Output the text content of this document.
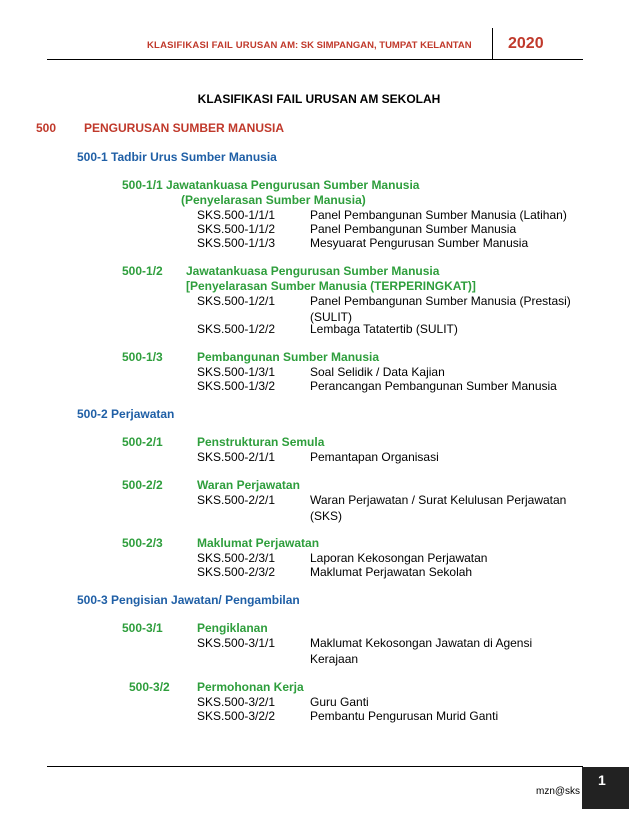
KLASIFIKASI FAIL URUSAN AM : SK SIMPANGAN, TUMPAT KELANTAN 2020
KLASIFIKASI FAIL URUSAN AM SEKOLAH
500 PENGURUSAN SUMBER MANUSIA
500-1 Tadbir Urus Sumber Manusia
500-1/1 Jawatankuasa Pengurusan Sumber Manusia
(Penyelarasan Sumber Manusia)
SKS.500-1/1/1	Panel Pembangunan Sumber Manusia (Latihan)
SKS.500-1/1/2	Panel Pembangunan Sumber Manusia
SKS.500-1/1/3	Mesyuarat Pengurusan Sumber Manusia
500-1/2 Jawatankuasa Pengurusan Sumber Manusia
[Penyelarasan Sumber Manusia (TERPERINGKAT)]
SKS.500-1/2/1	Panel Pembangunan Sumber Manusia (Prestasi) (SULIT)
SKS.500-1/2/2	Lembaga Tatatertib (SULIT)
500-1/3	Pembangunan Sumber Manusia
SKS.500-1/3/1	Soal Selidik / Data Kajian
SKS.500-1/3/2	Perancangan Pembangunan Sumber Manusia
500-2 Perjawatan
500-2/1	Penstrukturan Semula
SKS.500-2/1/1	Pemantapan Organisasi
500-2/2	Waran Perjawatan
SKS.500-2/2/1	Waran Perjawatan / Surat Kelulusan Perjawatan (SKS)
500-2/3	Maklumat Perjawatan
SKS.500-2/3/1	Laporan Kekosongan Perjawatan
SKS.500-2/3/2	Maklumat Perjawatan Sekolah
500-3 Pengisian Jawatan/ Pengambilan
500-3/1	Pengiklanan
SKS.500-3/1/1	Maklumat Kekosongan Jawatan di Agensi Kerajaan
500-3/2 Permohonan Kerja
SKS.500-3/2/1	Guru Ganti
SKS.500-3/2/2	Pembantu Pengurusan Murid Ganti
mzn@sks
1
